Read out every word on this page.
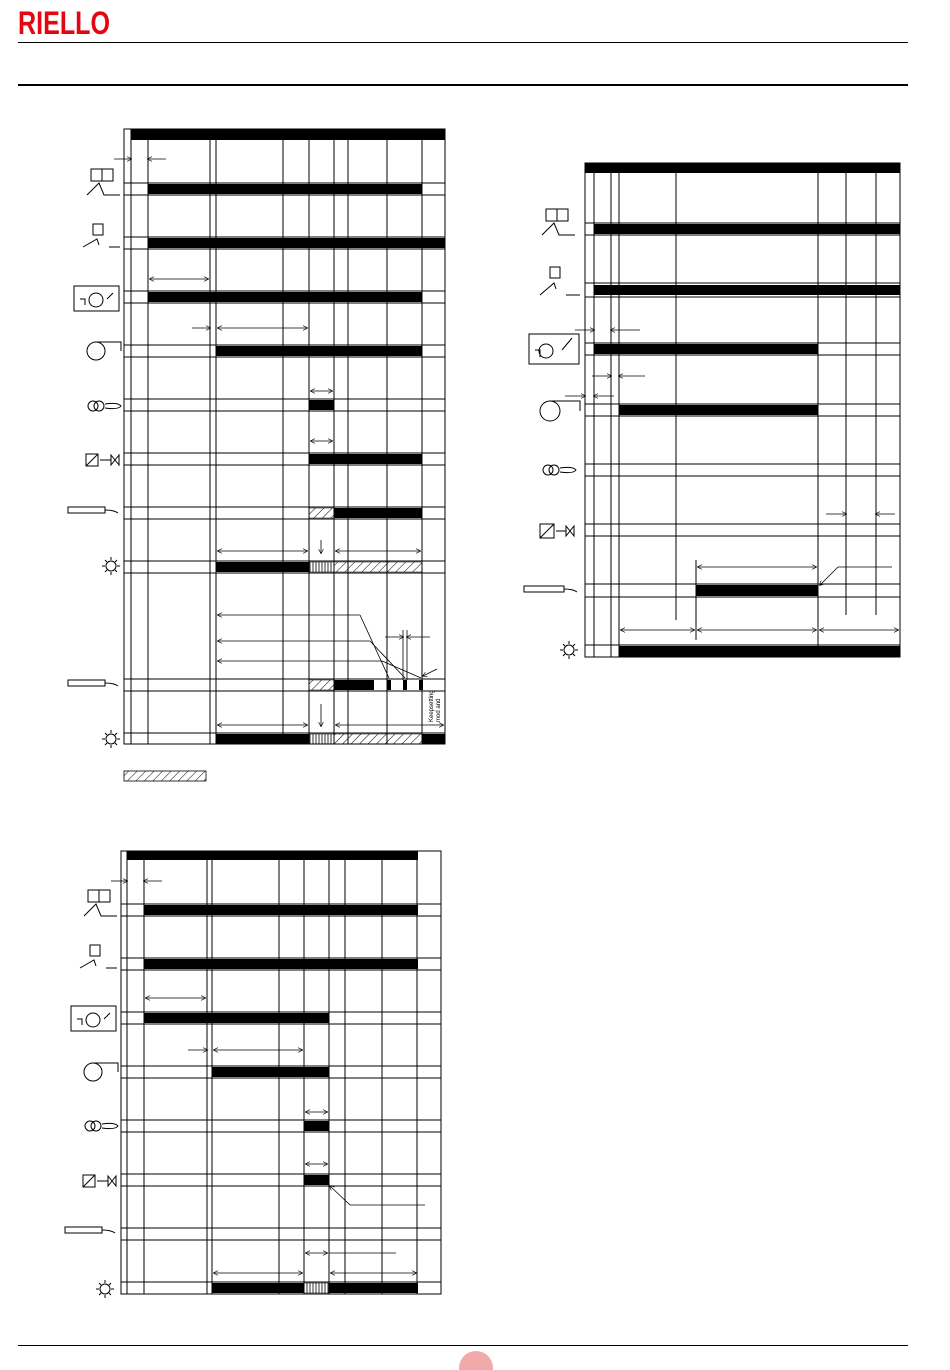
RIELLO
Keepsetting mod and
